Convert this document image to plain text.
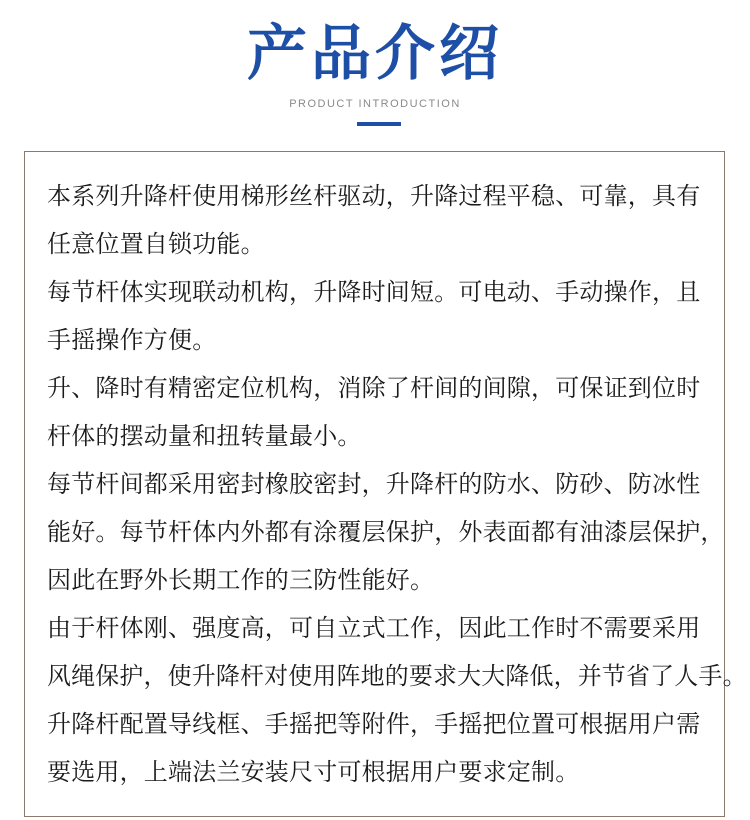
产品介绍
PRODUCT INTRODUCTION
本系列升降杆使用梯形丝杆驱动，升降过程平稳、可靠，具有
任意位置自锁功能。
每节杆体实现联动机构，升降时间短。可电动、手动操作，且
手摇操作方便。
升、降时有精密定位机构，消除了杆间的间隙，可保证到位时
杆体的摆动量和扭转量最小。
每节杆间都采用密封橡胶密封，升降杆的防水、防砂、防冰性
能好。每节杆体内外都有涂覆层保护，外表面都有油漆层保护，
因此在野外长期工作的三防性能好。
由于杆体刚、强度高，可自立式工作，因此工作时不需要采用
风绳保护，使升降杆对使用阵地的要求大大降低，并节省了人手。
升降杆配置导线框、手摇把等附件，手摇把位置可根据用户需
要选用，上端法兰安装尺寸可根据用户要求定制。
